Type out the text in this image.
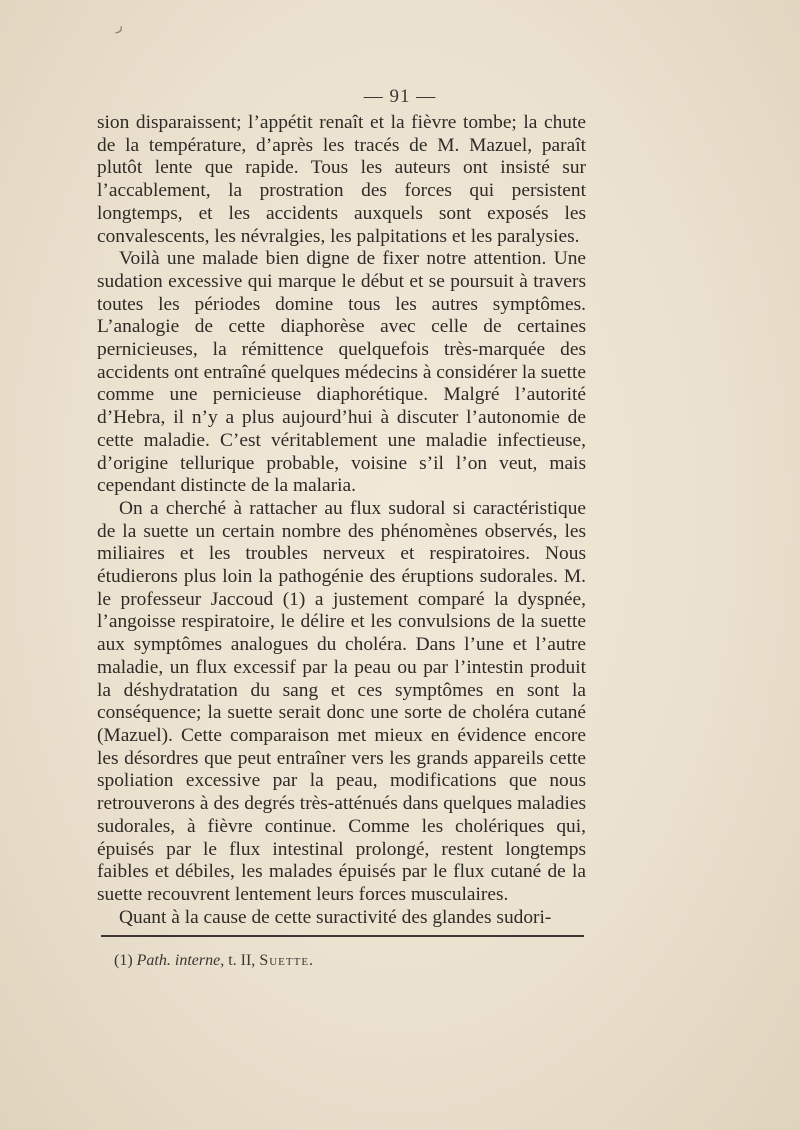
ر
— 91 —

sion disparaissent; l’appétit renaît et la fièvre tombe; la chute de la température, d’après les tracés de M. Mazuel, paraît plutôt lente que rapide. Tous les auteurs ont insisté sur l’accablement, la prostration des forces qui persistent longtemps, et les accidents auxquels sont exposés les convalescents, les névralgies, les palpitations et les paralysies.

Voilà une malade bien digne de fixer notre attention. Une sudation excessive qui marque le début et se poursuit à travers toutes les périodes domine tous les autres symptômes. L’analogie de cette diaphorèse avec celle de certaines pernicieuses, la rémittence quelquefois très-marquée des accidents ont entraîné quelques médecins à considérer la suette comme une pernicieuse diaphorétique. Malgré l’autorité d’Hebra, il n’y a plus aujourd’hui à discuter l’autonomie de cette maladie. C’est véritablement une maladie infectieuse, d’origine tellurique probable, voisine s’il l’on veut, mais cependant distincte de la malaria.

On a cherché à rattacher au flux sudoral si caractéristique de la suette un certain nombre des phénomènes observés, les miliaires et les troubles nerveux et respiratoires. Nous étudierons plus loin la pathogénie des éruptions sudorales. M. le professeur Jaccoud (1) a justement comparé la dyspnée, l’angoisse respiratoire, le délire et les convulsions de la suette aux symptômes analogues du choléra. Dans l’une et l’autre maladie, un flux excessif par la peau ou par l’intestin produit la déshydratation du sang et ces symptômes en sont la conséquence; la suette serait donc une sorte de choléra cutané (Mazuel). Cette comparaison met mieux en évidence encore les désordres que peut entraîner vers les grands appareils cette spoliation excessive par la peau, modifications que nous retrouverons à des degrés très-atténués dans quelques maladies sudorales, à fièvre continue. Comme les cholériques qui, épuisés par le flux intestinal prolongé, restent longtemps faibles et débiles, les malades épuisés par le flux cutané de la suette recouvrent lentement leurs forces musculaires.

Quant à la cause de cette suractivité des glandes sudori-

(1) Path. interne, t. II, Suette.
